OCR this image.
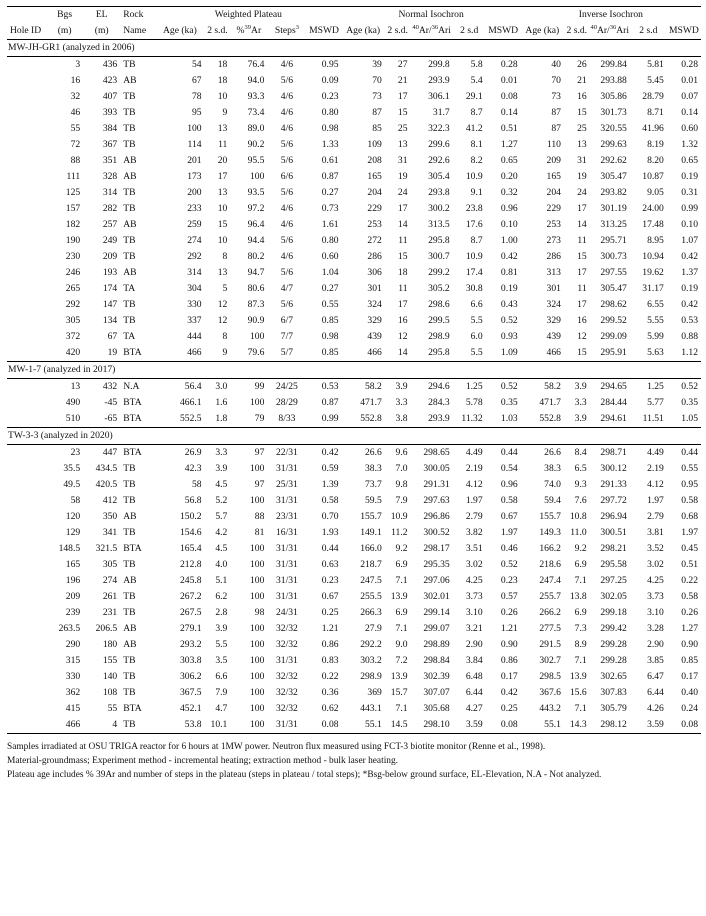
	Bgs	EL	Rock	Weighted Plateau					Normal Isochron					Inverse Isochron				
Hole ID	(m)	(m)	Name	Age (ka)	2 s.d.	%$^{39}$Ar	Steps$^3$	MSWD	Age (ka)	2 s.d.	$^{40}$Ar/$^{36}$Ari	2 s.d	MSWD	Age (ka)	2 s.d.	$^{40}$Ar/$^{36}$Ari	2 s.d	MSWD
MW-JH-GR1 (analyzed in 2006)																		
	3	436	TB	54	18	76.4	4/6	0.95	39	27	299.8	5.8	0.28	40	26	299.84	5.81	0.28
	16	423	AB	67	18	94.0	5/6	0.09	70	21	293.9	5.4	0.01	70	21	293.88	5.45	0.01
	32	407	TB	78	10	93.3	4/6	0.23	73	17	306.1	29.1	0.08	73	16	305.86	28.79	0.07
	46	393	TB	95	9	73.4	4/6	0.80	87	15	31.7	8.7	0.14	87	15	301.73	8.71	0.14
	55	384	TB	100	13	89.0	4/6	0.98	85	25	322.3	41.2	0.51	87	25	320.55	41.96	0.60
	72	367	TB	114	11	90.2	5/6	1.33	109	13	299.6	8.1	1.27	110	13	299.63	8.19	1.32
	88	351	AB	201	20	95.5	5/6	0.61	208	31	292.6	8.2	0.65	209	31	292.62	8.20	0.65
	111	328	AB	173	17	100	6/6	0.87	165	19	305.4	10.9	0.20	165	19	305.47	10.87	0.19
	125	314	TB	200	13	93.5	5/6	0.27	204	24	293.8	9.1	0.32	204	24	293.82	9.05	0.31
	157	282	TB	233	10	97.2	4/6	0.73	229	17	300.2	23.8	0.96	229	17	301.19	24.00	0.99
	182	257	AB	259	15	96.4	4/6	1.61	253	14	313.5	17.6	0.10	253	14	313.25	17.48	0.10
	190	249	TB	274	10	94.4	5/6	0.80	272	11	295.8	8.7	1.00	273	11	295.71	8.95	1.07
	230	209	TB	292	8	80.2	4/6	0.60	286	15	300.7	10.9	0.42	286	15	300.73	10.94	0.42
	246	193	AB	314	13	94.7	5/6	1.04	306	18	299.2	17.4	0.81	313	17	297.55	19.62	1.37
	265	174	TA	304	5	80.6	4/7	0.27	301	11	305.2	30.8	0.19	301	11	305.47	31.17	0.19
	292	147	TB	330	12	87.3	5/6	0.55	324	17	298.6	6.6	0.43	324	17	298.62	6.55	0.42
	305	134	TB	337	12	90.9	6/7	0.85	329	16	299.5	5.5	0.52	329	16	299.52	5.55	0.53
	372	67	TA	444	8	100	7/7	0.98	439	12	298.9	6.0	0.93	439	12	299.09	5.99	0.88
	420	19	BTA	466	9	79.6	5/7	0.85	466	14	295.8	5.5	1.09	466	15	295.91	5.63	1.12
MW-1-7 (analyzed in 2017)																		
	13	432	N.A	56.4	3.0	99	24/25	0.53	58.2	3.9	294.6	1.25	0.52	58.2	3.9	294.65	1.25	0.52
	490	-45	BTA	466.1	1.6	100	28/29	0.87	471.7	3.3	284.3	5.78	0.35	471.7	3.3	284.44	5.77	0.35
	510	-65	BTA	552.5	1.8	79	8/33	0.99	552.8	3.8	293.9	11.32	1.03	552.8	3.9	294.61	11.51	1.05
TW-3-3 (analyzed in 2020)																		
	23	447	BTA	26.9	3.3	97	22/31	0.42	26.6	9.6	298.65	4.49	0.44	26.6	8.4	298.71	4.49	0.44
	35.5	434.5	TB	42.3	3.9	100	31/31	0.59	38.3	7.0	300.05	2.19	0.54	38.3	6.5	300.12	2.19	0.55
	49.5	420.5	TB	58	4.5	97	25/31	1.39	73.7	9.8	291.31	4.12	0.96	74.0	9.3	291.33	4.12	0.95
	58	412	TB	56.8	5.2	100	31/31	0.58	59.5	7.9	297.63	1.97	0.58	59.4	7.6	297.72	1.97	0.58
	120	350	AB	150.2	5.7	88	23/31	0.70	155.7	10.9	296.86	2.79	0.67	155.7	10.8	296.94	2.79	0.68
	129	341	TB	154.6	4.2	81	16/31	1.93	149.1	11.2	300.52	3.82	1.97	149.3	11.0	300.51	3.81	1.97
	148.5	321.5	BTA	165.4	4.5	100	31/31	0.44	166.0	9.2	298.17	3.51	0.46	166.2	9.2	298.21	3.52	0.45
	165	305	TB	212.8	4.0	100	31/31	0.63	218.7	6.9	295.35	3.02	0.52	218.6	6.9	295.58	3.02	0.51
	196	274	AB	245.8	5.1	100	31/31	0.23	247.5	7.1	297.06	4.25	0.23	247.4	7.1	297.25	4.25	0.22
	209	261	TB	267.2	6.2	100	31/31	0.67	255.5	13.9	302.01	3.73	0.57	255.7	13.8	302.05	3.73	0.58
	239	231	TB	267.5	2.8	98	24/31	0.25	266.3	6.9	299.14	3.10	0.26	266.2	6.9	299.18	3.10	0.26
	263.5	206.5	AB	279.1	3.9	100	32/32	1.21	27.9	7.1	299.07	3.21	1.21	277.5	7.3	299.42	3.28	1.27
	290	180	AB	293.2	5.5	100	32/32	0.86	292.2	9.0	298.89	2.90	0.90	291.5	8.9	299.28	2.90	0.90
	315	155	TB	303.8	3.5	100	31/31	0.83	303.2	7.2	298.84	3.84	0.86	302.7	7.1	299.28	3.85	0.85
	330	140	TB	306.2	6.6	100	32/32	0.22	298.9	13.9	302.39	6.48	0.17	298.5	13.9	302.65	6.47	0.17
	362	108	TB	367.5	7.9	100	32/32	0.36	369	15.7	307.07	6.44	0.42	367.6	15.6	307.83	6.44	0.40
	415	55	BTA	452.1	4.7	100	32/32	0.62	443.1	7.1	305.68	4.27	0.25	443.2	7.1	305.79	4.26	0.24
	466	4	TB	53.8	10.1	100	31/31	0.08	55.1	14.5	298.10	3.59	0.08	55.1	14.3	298.12	3.59	0.08
Samples irradiated at OSU TRIGA reactor for 6 hours at 1MW power. Neutron flux measured using FCT-3 biotite monitor (Renne et al., 1998).
Material-groundmass; Experiment method - incremental heating; extraction method - bulk laser heating.
Plateau age includes % 39Ar and number of steps in the plateau (steps in plateau / total steps); *Bsg-below ground surface, EL-Elevation, N.A - Not analyzed.
